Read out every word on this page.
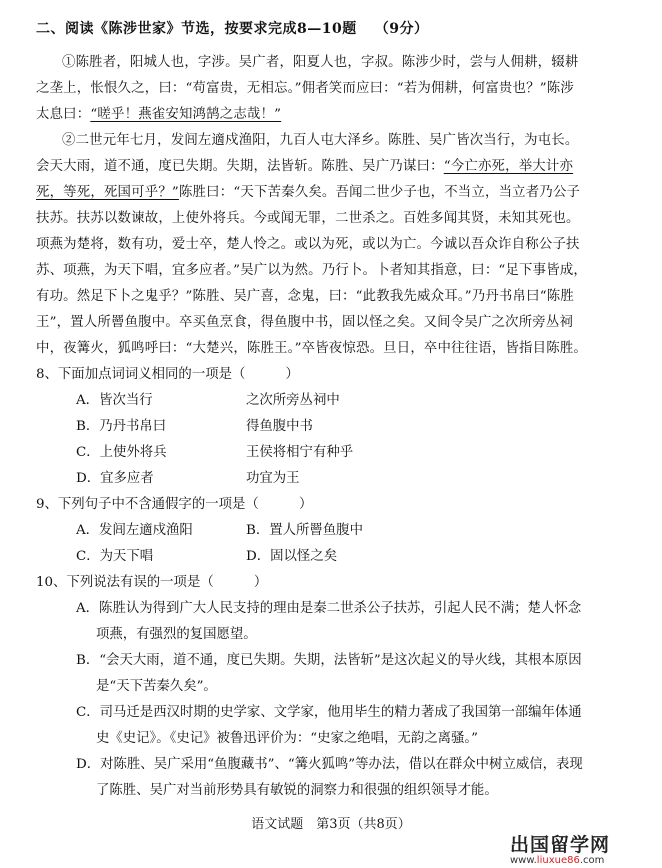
二、阅读《陈涉世家》节选，按要求完成8—10题 （9分）
①陈胜者，阳城人也，字涉。吴广者，阳夏人也，字叔。陈涉少时，尝与人佣耕，辍耕
之垄上，怅恨久之，曰：“苟富贵，无相忘。”佣者笑而应曰：“若为佣耕，何富贵也？”陈涉
太息曰：“嗟乎！燕雀安知鸿鹄之志哉！”
②二世元年七月，发闾左適戍渔阳，九百人屯大泽乡。陈胜、吴广皆次当行，为屯长。
会天大雨，道不通，度已失期。失期，法皆斩。陈胜、吴广乃谋曰：“今亡亦死，举大计亦
死，等死，死国可乎？”陈胜曰：“天下苦秦久矣。吾闻二世少子也，不当立，当立者乃公子
扶苏。扶苏以数谏故，上使外将兵。今或闻无罪，二世杀之。百姓多闻其贤，未知其死也。
项燕为楚将，数有功，爱士卒，楚人怜之。或以为死，或以为亡。今诚以吾众诈自称公子扶
苏、项燕，为天下唱，宜多应者。”吴广以为然。乃行卜。卜者知其指意，曰：“足下事皆成，
有功。然足下卜之鬼乎？”陈胜、吴广喜，念鬼，曰：“此教我先威众耳。”乃丹书帛曰“陈胜
王”，置人所罾鱼腹中。卒买鱼烹食，得鱼腹中书，固以怪之矣。又间令吴广之次所旁丛祠
中，夜篝火，狐鸣呼曰：“大楚兴，陈胜王。”卒皆夜惊恐。旦日，卒中往往语，皆指目陈胜。
8、下面加点词词义相同的一项是（　　　）
A．皆次当行	之次所旁丛祠中
B．乃丹书帛曰	得鱼腹中书
C．上使外将兵	王侯将相宁有种乎
D．宜多应者	功宜为王
9、下列句子中不含通假字的一项是（　　　）
A．发闾左適戍渔阳	B．置人所罾鱼腹中
C．为天下唱	D．固以怪之矣
10、下列说法有误的一项是（　　　）
A．陈胜认为得到广大人民支持的理由是秦二世杀公子扶苏，引起人民不满；楚人怀念
项燕，有强烈的复国愿望。
B．“会天大雨，道不通，度已失期。失期，法皆斩”是这次起义的导火线，其根本原因
是“天下苦秦久矣”。
C．司马迁是西汉时期的史学家、文学家，他用毕生的精力著成了我国第一部编年体通
史《史记》。《史记》被鲁迅评价为：“史家之绝唱，无韵之离骚。”
D．对陈胜、吴广采用“鱼腹藏书”、“篝火狐鸣”等办法，借以在群众中树立威信，表现
了陈胜、吴广对当前形势具有敏锐的洞察力和很强的组织领导才能。
语文试题　第3页（共8页）
出国留学网
www.liuxue86.com
